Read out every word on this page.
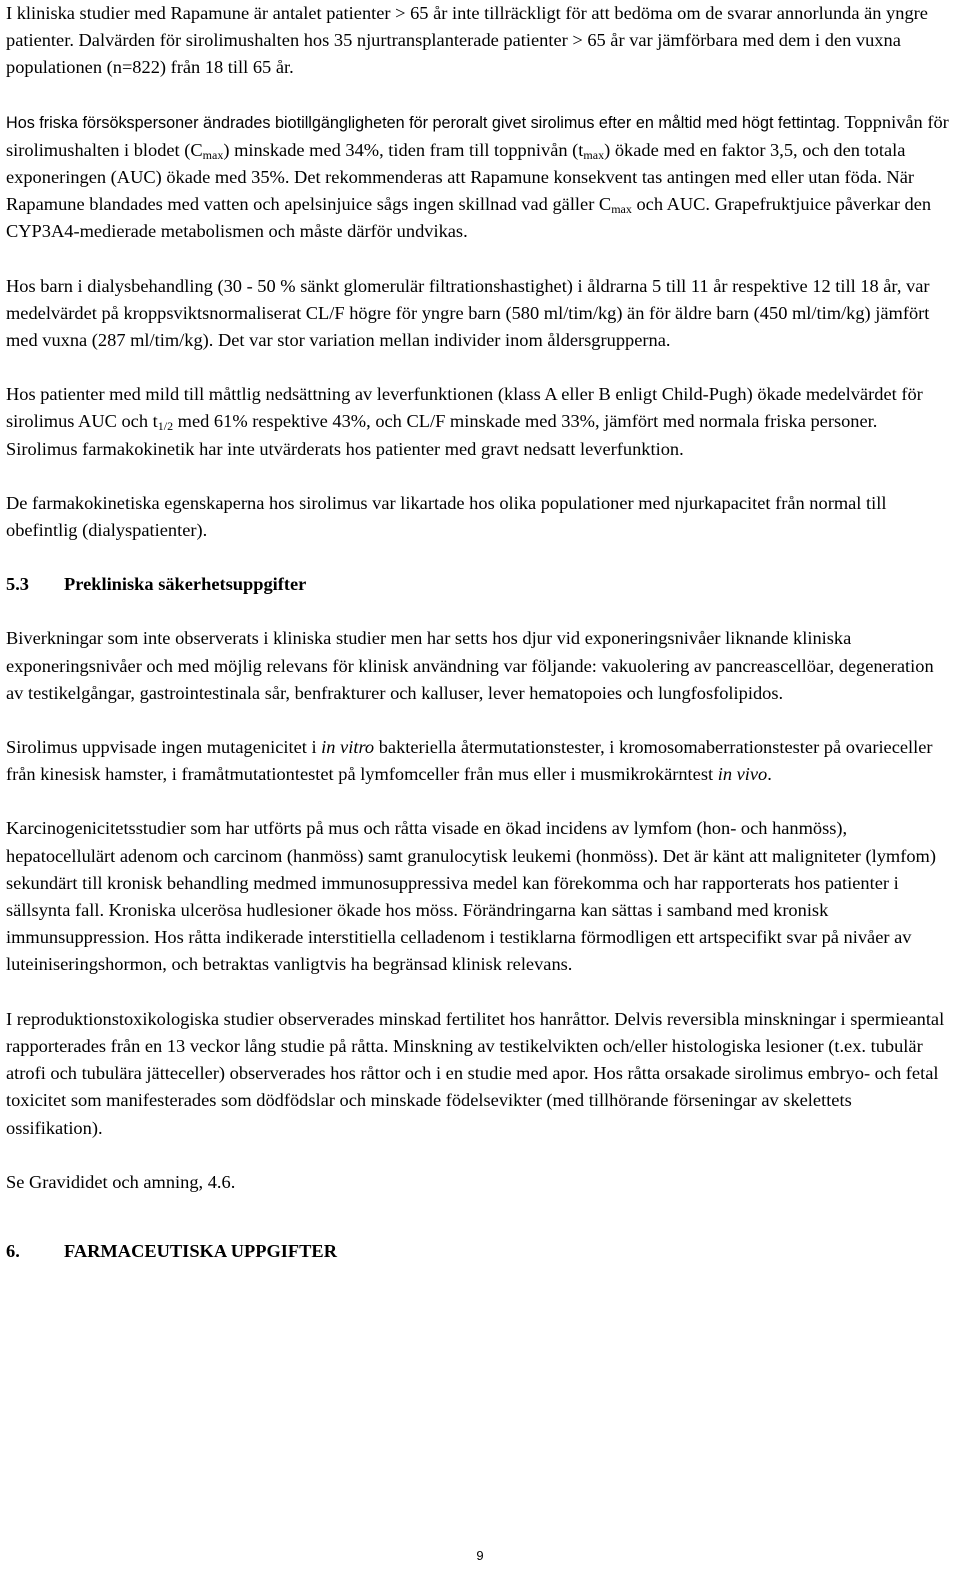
I kliniska studier med Rapamune är antalet patienter > 65 år inte tillräckligt för att bedöma om de svarar annorlunda än yngre patienter. Dalvärden för sirolimushalten hos 35 njurtransplanterade patienter > 65 år var jämförbara med dem i den vuxna populationen (n=822) från 18 till 65 år.

Hos friska försökspersoner ändrades biotillgängligheten för peroralt givet sirolimus efter en måltid med högt fettintag. Toppnivån för sirolimushalten i blodet $(C_{max})$ minskade med 34%, tiden fram till toppnivån $(t_{max})$ ökade med en faktor 3,5, och den totala exponeringen (AUC) ökade med 35%. Det rekommenderas att Rapamune konsekvent tas antingen med eller utan föda. När Rapamune blandades med vatten och apelsinjuice sågs ingen skillnad vad gäller $C_{max}$ och AUC. Grapefruktjuice påverkar den CYP3A4-medierade metabolismen och måste därför undvikas.

Hos barn i dialysbehandling (30 - 50 % sänkt glomerulär filtrationshastighet) i åldrarna 5 till 11 år respektive 12 till 18 år, var medelvärdet på kroppsviktsnormaliserat CL/F högre för yngre barn (580 ml/tim/kg) än för äldre barn (450 ml/tim/kg) jämfört med vuxna (287 ml/tim/kg). Det var stor variation mellan individer inom åldersgrupperna.

Hos patienter med mild till måttlig nedsättning av leverfunktionen (klass A eller B enligt Child-Pugh) ökade medelvärdet för sirolimus AUC och $t_{1/2}$ med 61% respektive 43%, och CL/F minskade med 33%, jämfört med normala friska personer. Sirolimus farmakokinetik har inte utvärderats hos patienter med gravt nedsatt leverfunktion.

De farmakokinetiska egenskaperna hos sirolimus var likartade hos olika populationer med njurkapacitet från normal till obefintlig (dialyspatienter).

5.3 Prekliniska säkerhetsuppgifter

Biverkningar som inte observerats i kliniska studier men har setts hos djur vid exponeringsnivåer liknande kliniska exponeringsnivåer och med möjlig relevans för klinisk användning var följande: vakuolering av pancreascellöar, degeneration av testikelgångar, gastrointestinala sår, benfrakturer och kalluser, lever hematopoies och lungfosfolipidos.

Sirolimus uppvisade ingen mutagenicitet i in vitro bakteriella återmutationstester, i kromosomaberrationstester på ovarieceller från kinesisk hamster, i framåtmutationtestet på lymfomceller från mus eller i musmikrokärntest in vivo.

Karcinogenicitetsstudier som har utförts på mus och råtta visade en ökad incidens av lymfom (hon- och hanmöss), hepatocellulärt adenom och carcinom (hanmöss) samt granulocytisk leukemi (honmöss). Det är känt att maligniteter (lymfom) sekundärt till kronisk behandling medmed immunosuppressiva medel kan förekomma och har rapporterats hos patienter i sällsynta fall. Kroniska ulcerösa hudlesioner ökade hos möss. Förändringarna kan sättas i samband med kronisk immunsuppression. Hos råtta indikerade interstitiella celladenom i testiklarna förmodligen ett artspecifikt svar på nivåer av luteiniseringshormon, och betraktas vanligtvis ha begränsad klinisk relevans.

I reproduktionstoxikologiska studier observerades minskad fertilitet hos hanråttor. Delvis reversibla minskningar i spermieantal rapporterades från en 13 veckor lång studie på råtta. Minskning av testikelvikten och/eller histologiska lesioner (t.ex. tubulär atrofi och tubulära jätteceller) observerades hos råttor och i en studie med apor. Hos råtta orsakade sirolimus embryo- och fetal toxicitet som manifesterades som dödfödslar och minskade födelsevikter (med tillhörande förseningar av skelettets ossifikation).

Se Gravididet och amning, 4.6.

6. FARMACEUTISKA UPPGIFTER
9
